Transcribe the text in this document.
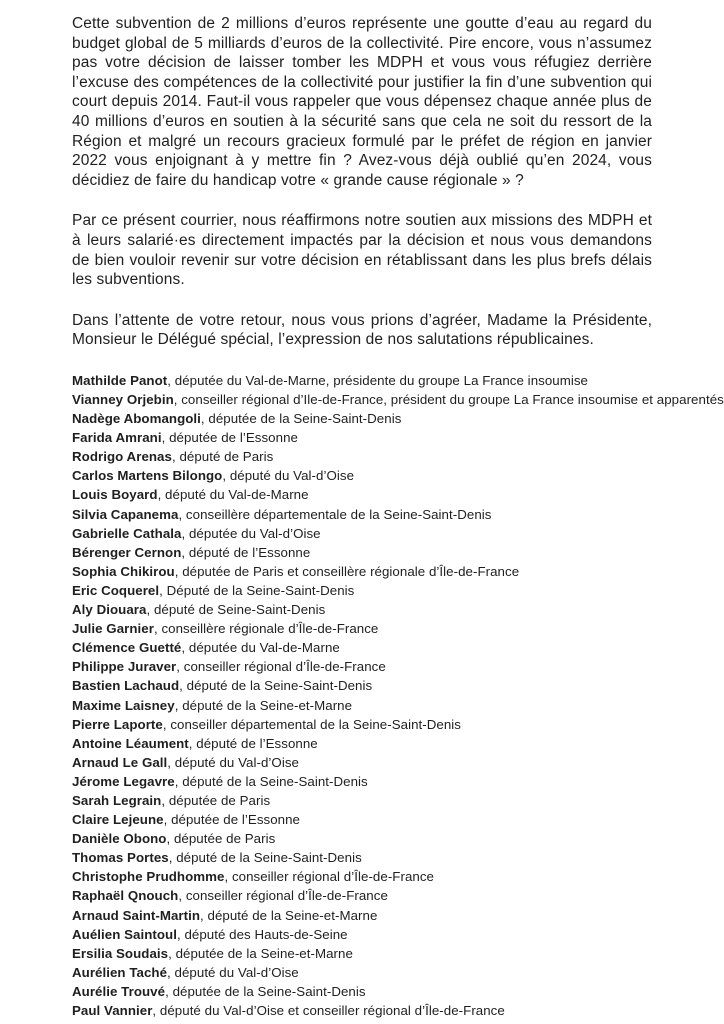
Cette subvention de 2 millions d’euros représente une goutte d’eau au regard du budget global de 5 milliards d’euros de la collectivité. Pire encore, vous n’assumez pas votre décision de laisser tomber les MDPH et vous vous réfugiez derrière l’excuse des compétences de la collectivité pour justifier la fin d’une subvention qui court depuis 2014. Faut-il vous rappeler que vous dépensez chaque année plus de 40 millions d’euros en soutien à la sécurité sans que cela ne soit du ressort de la Région et malgré un recours gracieux formulé par le préfet de région en janvier 2022 vous enjoignant à y mettre fin ? Avez-vous déjà oublié qu’en 2024, vous décidiez de faire du handicap votre « grande cause régionale » ?

Par ce présent courrier, nous réaffirmons notre soutien aux missions des MDPH et à leurs salarié·es directement impactés par la décision et nous vous demandons de bien vouloir revenir sur votre décision en rétablissant dans les plus brefs délais les subventions.

Dans l’attente de votre retour, nous vous prions d’agréer, Madame la Présidente, Monsieur le Délégué spécial, l’expression de nos salutations républicaines.

Mathilde Panot, députée du Val-de-Marne, présidente du groupe La France insoumise
Vianney Orjebin, conseiller régional d’Ile-de-France, président du groupe La France insoumise et apparentés
Nadège Abomangoli, députée de la Seine-Saint-Denis
Farida Amrani, députée de l’Essonne
Rodrigo Arenas, député de Paris
Carlos Martens Bilongo, député du Val-d’Oise
Louis Boyard, député du Val-de-Marne
Silvia Capanema, conseillère départementale de la Seine-Saint-Denis
Gabrielle Cathala, députée du Val-d’Oise
Bérenger Cernon, député de l’Essonne
Sophia Chikirou, députée de Paris et conseillère régionale d’Île-de-France
Eric Coquerel, Député de la Seine-Saint-Denis
Aly Diouara, député de Seine-Saint-Denis
Julie Garnier, conseillère régionale d’Île-de-France
Clémence Guetté, députée du Val-de-Marne
Philippe Juraver, conseiller régional d’Île-de-France
Bastien Lachaud, député de la Seine-Saint-Denis
Maxime Laisney, député de la Seine-et-Marne
Pierre Laporte, conseiller départemental de la Seine-Saint-Denis
Antoine Léaument, député de l’Essonne
Arnaud Le Gall, député du Val-d’Oise
Jérome Legavre, député de la Seine-Saint-Denis
Sarah Legrain, députée de Paris
Claire Lejeune, députée de l’Essonne
Danièle Obono, députée de Paris
Thomas Portes, député de la Seine-Saint-Denis
Christophe Prudhomme, conseiller régional d’Île-de-France
Raphaël Qnouch, conseiller régional d’Île-de-France
Arnaud Saint-Martin, député de la Seine-et-Marne
Auélien Saintoul, député des Hauts-de-Seine
Ersilia Soudais, députée de la Seine-et-Marne
Aurélien Taché, député du Val-d’Oise
Aurélie Trouvé, députée de la Seine-Saint-Denis
Paul Vannier, député du Val-d’Oise et conseiller régional d’Île-de-France
